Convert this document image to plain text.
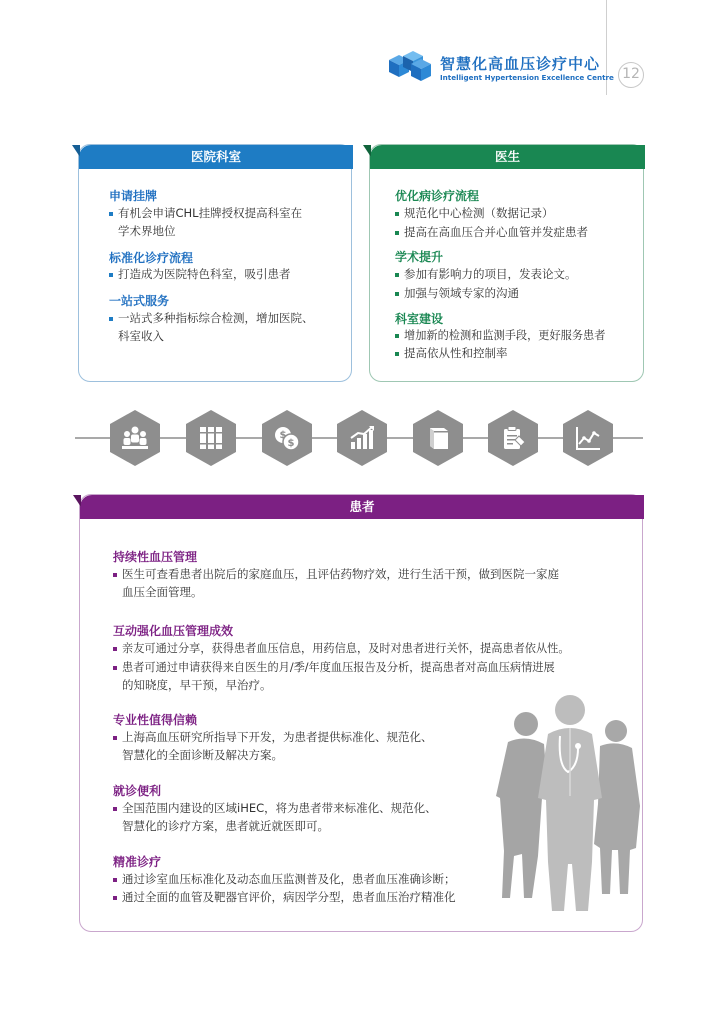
智慧化高血压诊疗中心
Intelligent Hypertension Excellence Centre 12
医院科室
申请挂牌
有机会申请CHL挂牌授权提高科室在
学术界地位
标准化诊疗流程
打造成为医院特色科室，吸引患者
一站式服务
一站式多种指标综合检测，增加医院、
科室收入
医生
优化病诊疗流程
规范化中心检测（数据记录）
提高在高血压合并心血管并发症患者
学术提升
参加有影响力的项目，发表论文。
加强与领域专家的沟通
科室建设
增加新的检测和监测手段，更好服务患者
提高依从性和控制率
$
$
患者
持续性血压管理
医生可查看患者出院后的家庭血压，且评估药物疗效，进行生活干预，做到医院一家庭
血压全面管理。
互动强化血压管理成效
亲友可通过分享，获得患者血压信息，用药信息，及时对患者进行关怀，提高患者依从性。
患者可通过申请获得来自医生的月/季/年度血压报告及分析，提高患者对高血压病情进展
的知晓度，早干预，早治疗。
专业性值得信赖
上海高血压研究所指导下开发，为患者提供标准化、规范化、
智慧化的全面诊断及解决方案。
就诊便利
全国范围内建设的区域iHEC，将为患者带来标准化、规范化、
智慧化的诊疗方案，患者就近就医即可。
精准诊疗
通过诊室血压标准化及动态血压监测普及化，患者血压准确诊断；
通过全面的血管及靶器官评价，病因学分型，患者血压治疗精准化
